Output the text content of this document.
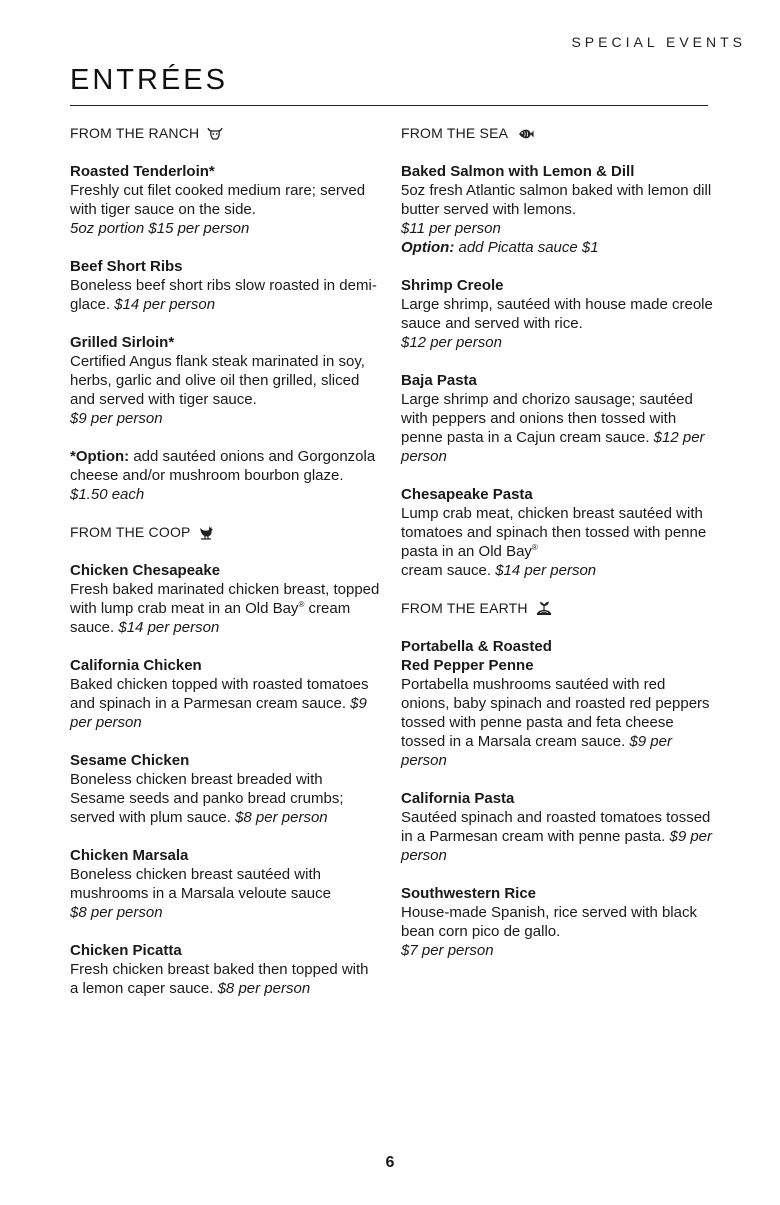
SPECIAL EVENTS
ENTRÉES
FROM THE RANCH
Roasted Tenderloin*
Freshly cut filet cooked medium rare; served with tiger sauce on the side.
5oz portion $15 per person
Beef Short Ribs
Boneless beef short ribs slow roasted in demi-glace. $14 per person
Grilled Sirloin*
Certified Angus flank steak marinated in soy, herbs, garlic and olive oil then grilled, sliced and served with tiger sauce.
$9 per person
*Option: add sautéed onions and Gorgonzola cheese and/or mushroom bourbon glaze. $1.50 each
FROM THE COOP
Chicken Chesapeake
Fresh baked marinated chicken breast, topped with lump crab meat in an Old Bay® cream sauce. $14 per person
California Chicken
Baked chicken topped with roasted tomatoes and spinach in a Parmesan cream sauce. $9 per person
Sesame Chicken
Boneless chicken breast breaded with Sesame seeds and panko bread crumbs; served with plum sauce. $8 per person
Chicken Marsala
Boneless chicken breast sautéed with mushrooms in a Marsala veloute sauce
$8 per person
Chicken Picatta
Fresh chicken breast baked then topped with a lemon caper sauce. $8 per person
FROM THE SEA
Baked Salmon with Lemon & Dill
5oz fresh Atlantic salmon baked with lemon dill butter served with lemons.
$11 per person
Option: add Picatta sauce $1
Shrimp Creole
Large shrimp, sautéed with house made creole sauce and served with rice.
$12 per person
Baja Pasta
Large shrimp and chorizo sausage; sautéed with peppers and onions then tossed with penne pasta in a Cajun cream sauce. $12 per person
Chesapeake Pasta
Lump crab meat, chicken breast sautéed with tomatoes and spinach then tossed with penne pasta in an Old Bay®
cream sauce. $14 per person
FROM THE EARTH
Portabella & Roasted
Red Pepper Penne
Portabella mushrooms sautéed with red onions, baby spinach and roasted red peppers tossed with penne pasta and feta cheese tossed in a Marsala cream sauce. $9 per person
California Pasta
Sautéed spinach and roasted tomatoes tossed in a Parmesan cream with penne pasta. $9 per person
Southwestern Rice
House-made Spanish, rice served with black bean corn pico de gallo.
$7 per person
6
